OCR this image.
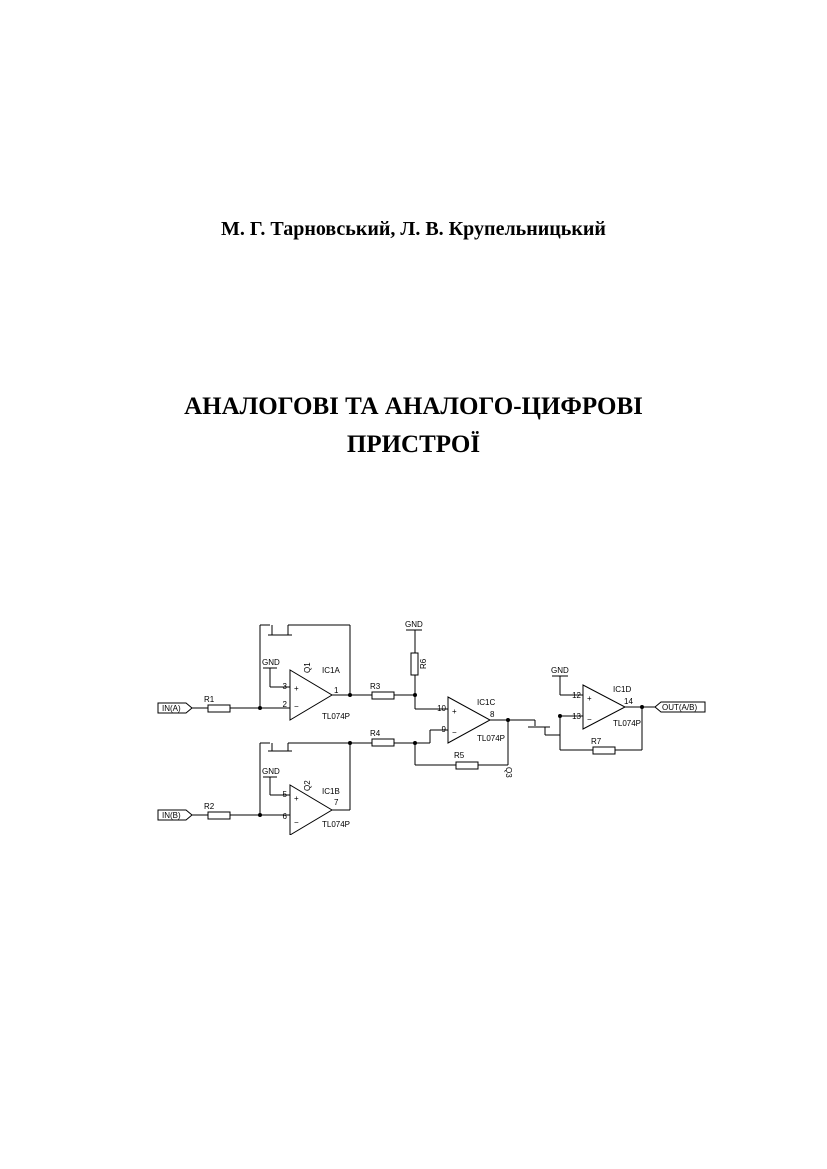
М. Г. Тарновський, Л. В. Крупельницький
АНАЛОГОВІ ТА АНАЛОГО-ЦИФРОВІ
ПРИСТРОЇ
+
−
3
2
1
IC1A
TL074P
IN(A)
R1
GND	Q1
R3
+
−
5
6
7
IC1B
TL074P
IN(B)
R2
GND
Q2
R4
+
−
10
9
8
IC1C
TL074P
GND
R6
R5
Q3
+
−
12
13
14
IC1D
TL074P
GND
R7
OUT(A/B)
